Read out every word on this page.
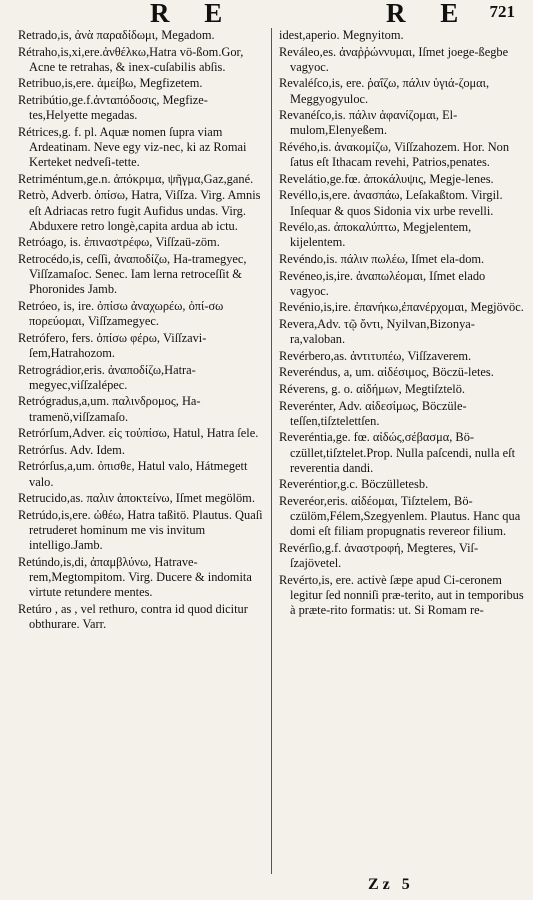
R E	R E 721

Retrado,is, ἀνὰ παραδίδωμι, Megadom.

Rétraho,is,xi,ere.ἀνθέλκω,Hatra vö-ßom.Gor, Acne te retrahas, & inex-cuſabilis abſis.

Retribuo,is,ere. ἀμείβω, Megfizetem.

Retribútio,ge.f.ἀνταπόδοσις, Megfize-tes,Helyette megadas.

Rétrices,g. f. pl. Aquæ nomen ſupra viam Ardeatinam. Neve egy viz-nec, ki az Romai Kerteket nedveſi-tette.

Retriméntum,ge.n. ἀπόκριμα, ψῆγμα,Gaz,gané.

Retrò, Adverb. ὀπίσω, Hatra, Viſſza. Virg. Amnis eſt Adriacas retro fugit Aufidus undas. Virg. Abduxere retro longè,capita ardua ab ictu.

Retróago, is. ἐπιναστρέφω, Viſſzaü-zöm.

Retrocédo,is, ceſſi, ἀναποδίζω, Ha-tramegyec, Viſſzamaſoc. Senec. Iam lerna retroceſſit & Phoronides Jamb.

Retróeo, is, ire. ὀπίσω ἀναχωρέω, ὀπί-σω πορεύομαι, Viſſzamegyec.

Retrófero, fers. ὀπίσω φέρω, Viſſzavi-ſem,Hatrahozom.

Retrográdior,eris. ἀναποδίζω,Hatra-megyec,viſſzalépec.

Retrógradus,a,um. παλινδρομος, Ha-tramenö,viſſzamaſo.

Retrórſum,Adver. εἰς τοὐπίσω, Hatul, Hatra ſele.

Retrórſus. Adv. Idem.

Retrórſus,a,um. ὀπισθε, Hatul valo, Hátmegett valo.

Retrucido,as. παλιν ἀποκτείνω, Iſmet megölöm.

Retrúdo,is,ere. ὠθέω, Hatra taßitö. Plautus. Quaſi retruderet hominum me vis invitum intelligo.Jamb.

Retúndo,is,di, ἀπαμβλύνω, Hatrave-rem,Megtompitom. Virg. Ducere & indomita virtute retundere mentes.

Retúro , as , vel rethuro, contra id quod dicitur obthurare. Varr.

idest,aperio. Megnyitom.

Reváleo,es. ἀναῤῥώννυμαι, Iſmet joege-ßegbe vagyoc.

Revaléſco,is, ere. ῥαΐζω, πάλιν ὑγιά-ζομαι, Meggyogyuloc.

Revanéſco,is. πάλιν ἀφανίζομαι, El-mulom,Elenyeßem.

Révého,is. ἀνακομίζω, Viſſzahozem. Hor. Non ſatus eſt Ithacam revehi, Patrios,penates.

Revelátio,ge.fœ. ἀποκάλυψις, Megje-lenes.

Revéllo,is,ere. ἀνασπάω, Leſakaßtom. Virgil. Inſequar & quos Sidonia vix urbe revelli.

Revélo,as. ἀποκαλύπτω, Megjelentem, kijelentem.

Revéndo,is. πάλιν πωλέω, Iſmet ela-dom.

Revéneo,is,ire. ἀναπωλέομαι, Iſmet elado vagyoc.

Revénio,is,ire. ἐπανήκω,ἐπανέρχομαι, Megjövöc.

Revera,Adv. τῷ ὄντι, Nyilvan,Bizonya-ra,valoban.

Revérbero,as. ἀντιτυπέω, Viſſzaverem.

Reveréndus, a, um. αἰδέσιμος, Böczü-letes.

Réverens, g. o. αἰδήμων, Megtiſztelö.

Reverénter, Adv. αἰδεσίμως, Böczüle-teſſen,tiſztelettſen.

Reveréntia,ge. fœ. αἰδώς,σέβασμα, Bö-czüllet,tiſztelet.Prop. Nulla paſcendi, nulla eſt reverentia dandi.

Reveréntior,g.c. Böczülletesb.

Reveréor,eris. αἰδέομαι, Tiſztelem, Bö-czülöm,Félem,Szegyenlem. Plautus. Hanc qua domi eſt filiam propugnatis revereor filium.

Revérſio,g.f. ἀναστροφή, Megteres, Viſ-ſzajövetel.

Revérto,is, ere. activè ſæpe apud Ci-ceronem legitur ſed nonniſi præ-terito, aut in temporibus à præte-rito formatis: ut. Si Romam re-

Zz 5
